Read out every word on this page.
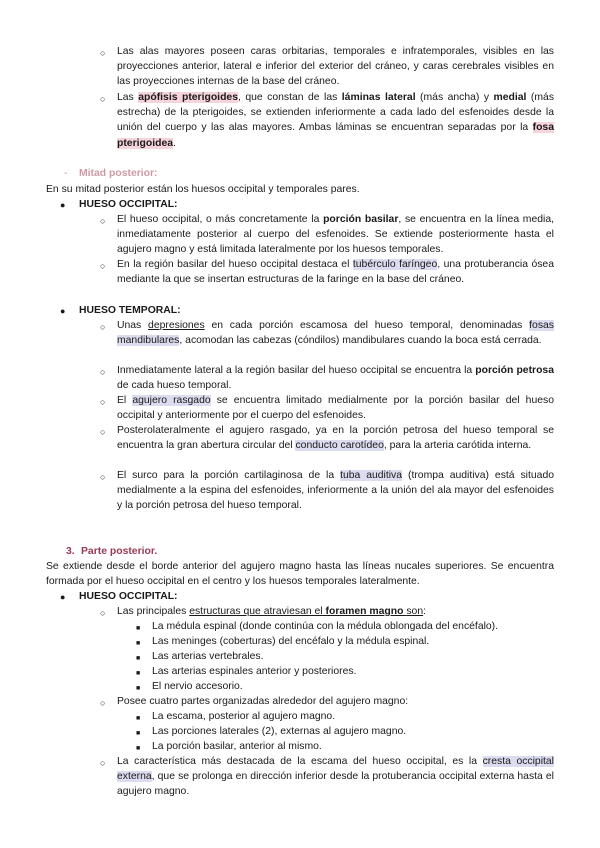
○	Las alas mayores poseen caras orbitarias, temporales e infratemporales, visibles en las proyecciones anterior, lateral e inferior del exterior del cráneo, y caras cerebrales visibles en las proyecciones internas de la base del cráneo.
○	Las apófisis pterigoides, que constan de las láminas lateral (más ancha) y medial (más estrecha) de la pterigoides, se extienden inferiormente a cada lado del esfenoides desde la unión del cuerpo y las alas mayores. Ambas láminas se encuentran separadas por la fosa pterigoidea.
- Mitad posterior:
En su mitad posterior están los huesos occipital y temporales pares.
●	HUESO OCCIPITAL:
○	El hueso occipital, o más concretamente la porción basilar, se encuentra en la línea media, inmediatamente posterior al cuerpo del esfenoides. Se extiende posteriormente hasta el agujero magno y está limitada lateralmente por los huesos temporales.
○	En la región basilar del hueso occipital destaca el tubérculo faríngeo, una protuberancia ósea mediante la que se insertan estructuras de la faringe en la base del cráneo.
●	HUESO TEMPORAL:
○	Unas depresiones en cada porción escamosa del hueso temporal, denominadas fosas mandibulares, acomodan las cabezas (cóndilos) mandibulares cuando la boca está cerrada.
○	Inmediatamente lateral a la región basilar del hueso occipital se encuentra la porción petrosa de cada hueso temporal.
○	El agujero rasgado se encuentra limitado medialmente por la porción basilar del hueso occipital y anteriormente por el cuerpo del esfenoides.
○	Posterolateralmente el agujero rasgado, ya en la porción petrosa del hueso temporal se encuentra la gran abertura circular del conducto carotídeo, para la arteria carótida interna.
○	El surco para la porción cartilaginosa de la tuba auditiva (trompa auditiva) está situado medialmente a la espina del esfenoides, inferiormente a la unión del ala mayor del esfenoides y la porción petrosa del hueso temporal.
3. Parte posterior.
Se extiende desde el borde anterior del agujero magno hasta las líneas nucales superiores. Se encuentra formada por el hueso occipital en el centro y los huesos temporales lateralmente.
●	HUESO OCCIPITAL:
○	Las principales estructuras que atraviesan el foramen magno son:
■	La médula espinal (donde continúa con la médula oblongada del encéfalo).
■	Las meninges (coberturas) del encéfalo y la médula espinal.
■	Las arterias vertebrales.
■	Las arterias espinales anterior y posteriores.
■	El nervio accesorio.
○	Posee cuatro partes organizadas alrededor del agujero magno:
■	La escama, posterior al agujero magno.
■	Las porciones laterales (2), externas al agujero magno.
■	La porción basilar, anterior al mismo.
○	La característica más destacada de la escama del hueso occipital, es la cresta occipital externa, que se prolonga en dirección inferior desde la protuberancia occipital externa hasta el agujero magno.
